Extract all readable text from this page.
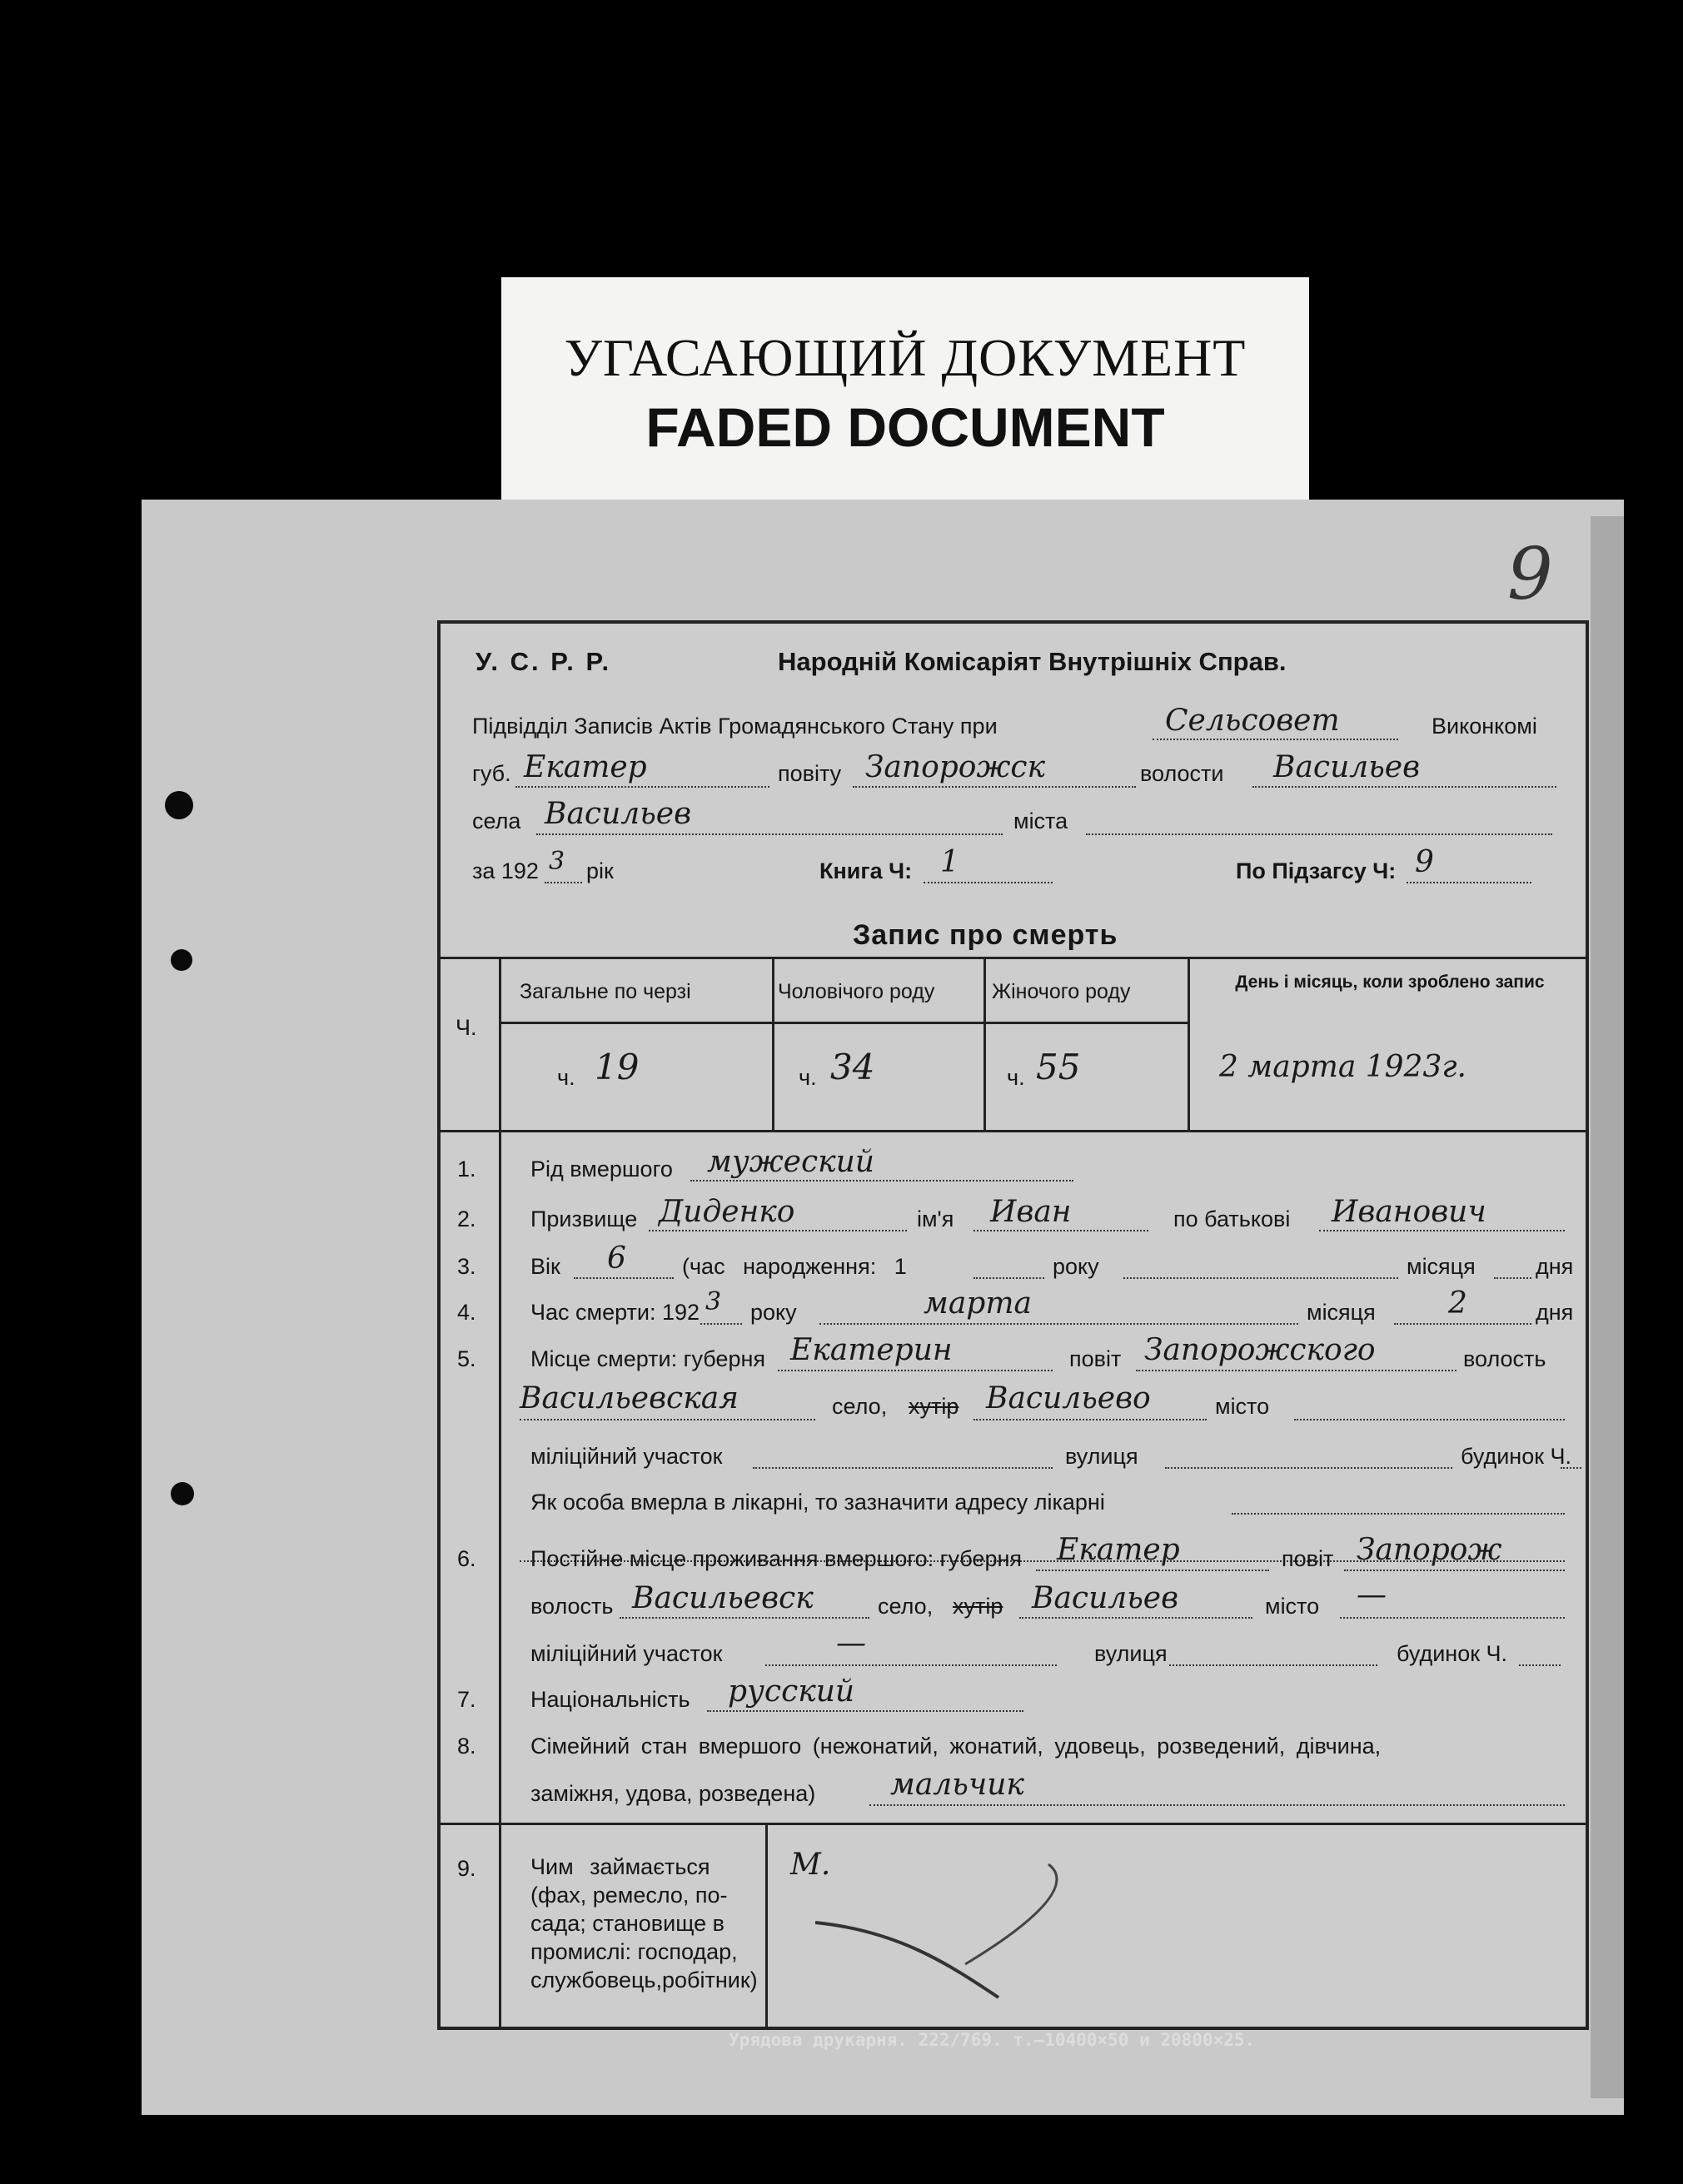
УГАСАЮЩИЙ ДОКУМЕНТ
FADED DOCUMENT
9
У. С. Р. Р.	Народній Комісаріят Внутрішніх Справ.
Підвідділ Записів Актів Громадянського Стану при	Сельсовет	Виконкомі
губ. Екатер	повіту Запорожск	волости Васильев
села Васильев	міста
за 192 3 рік	Книга Ч: 1	По Підзагсу Ч: 9
Запис про смерть
Ч.
Загальне по черзі	Чоловічого роду	Жіночого роду	День і місяць, коли зроблено запис
ч. 19	ч. 34	ч. 55	2 марта 1923г.
1. Рід вмершого мужеский
2. Призвище Диденко	ім'я Иван	по батькові Иванович
3. Вік 6 (час народження: 1	року	місяця	дня
4. Час смерти: 192 3 року	марта	місяця 2	дня
5. Місце смерти: губерня Екатерин	повіт Запорожского	волость
Васильевская	село, хутір Васильево	місто
міліційний участок	вулиця	будинок Ч.
Як особа вмерла в лікарні, то зазначити адресу лікарні
6. Постійне місце проживання вмершого: губерня Екатер	повіт Запорож
волость Васильевск	село, хутір Васильев	місто —
міліційний участок	—	вулиця	будинок Ч.
7. Національність русский
8. Сімейний стан вмершого (нежонатий, жонатий, удовець, розведений, дівчина,
заміжня, удова, розведена) мальчик
9. Чим займається
(фах, ремесло, по-
сада; становище в
промислі: господар,
службовець,робітник)
М.
Урядова друкарня. 222/769. т.—10400×50 и 20800×25.
